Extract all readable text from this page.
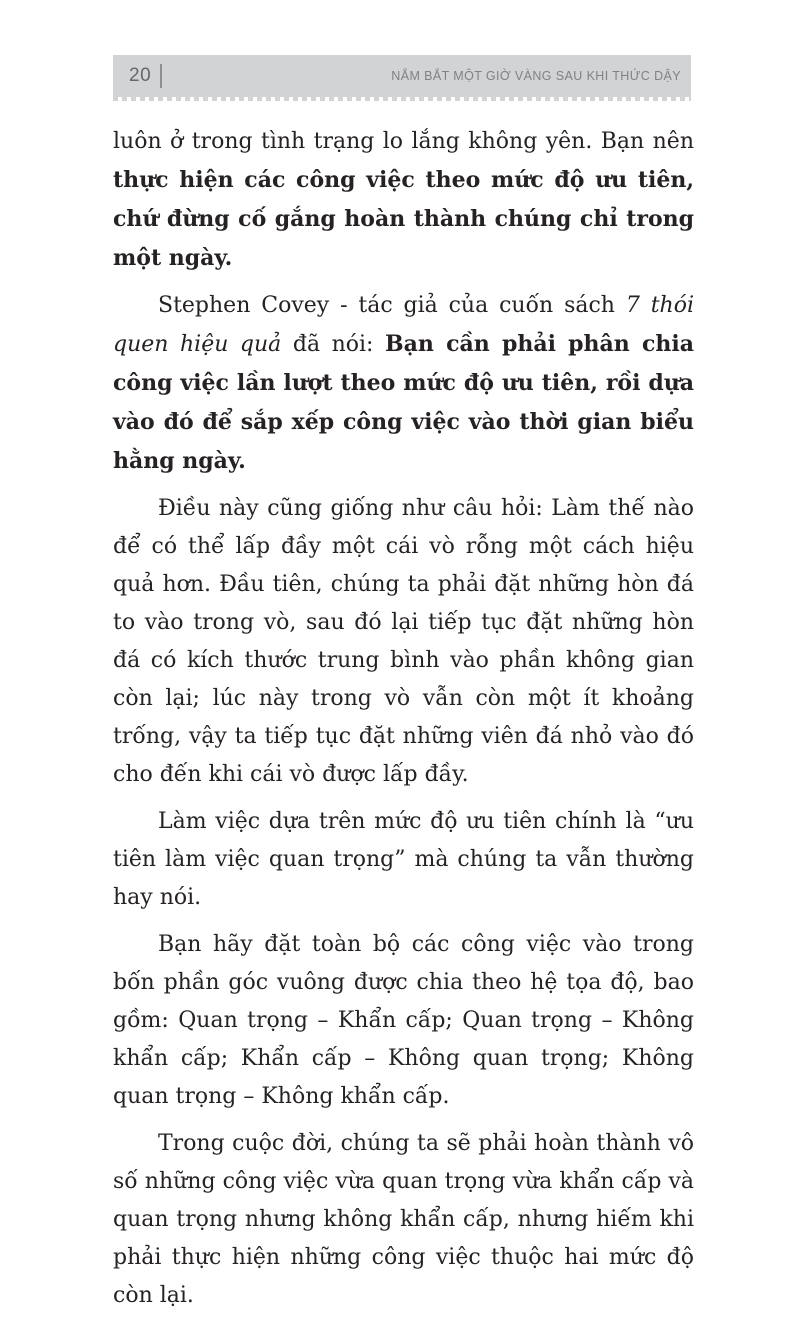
20	NẮM BẮT MỘT GIỜ VÀNG SAU KHI THỨC DẬY

luôn ở trong tình trạng lo lắng không yên. Bạn nên thực hiện các công việc theo mức độ ưu tiên, chứ đừng cố gắng hoàn thành chúng chỉ trong một ngày.

Stephen Covey - tác giả của cuốn sách 7 thói quen hiệu quả đã nói: Bạn cần phải phân chia công việc lần lượt theo mức độ ưu tiên, rồi dựa vào đó để sắp xếp công việc vào thời gian biểu hằng ngày.

Điều này cũng giống như câu hỏi: Làm thế nào để có thể lấp đầy một cái vò rỗng một cách hiệu quả hơn. Đầu tiên, chúng ta phải đặt những hòn đá to vào trong vò, sau đó lại tiếp tục đặt những hòn đá có kích thước trung bình vào phần không gian còn lại; lúc này trong vò vẫn còn một ít khoảng trống, vậy ta tiếp tục đặt những viên đá nhỏ vào đó cho đến khi cái vò được lấp đầy.

Làm việc dựa trên mức độ ưu tiên chính là “ưu tiên làm việc quan trọng” mà chúng ta vẫn thường hay nói.

Bạn hãy đặt toàn bộ các công việc vào trong bốn phần góc vuông được chia theo hệ tọa độ, bao gồm: Quan trọng – Khẩn cấp; Quan trọng – Không khẩn cấp; Khẩn cấp – Không quan trọng; Không quan trọng – Không khẩn cấp.

Trong cuộc đời, chúng ta sẽ phải hoàn thành vô số những công việc vừa quan trọng vừa khẩn cấp và quan trọng nhưng không khẩn cấp, nhưng hiếm khi phải thực hiện những công việc thuộc hai mức độ còn lại.
